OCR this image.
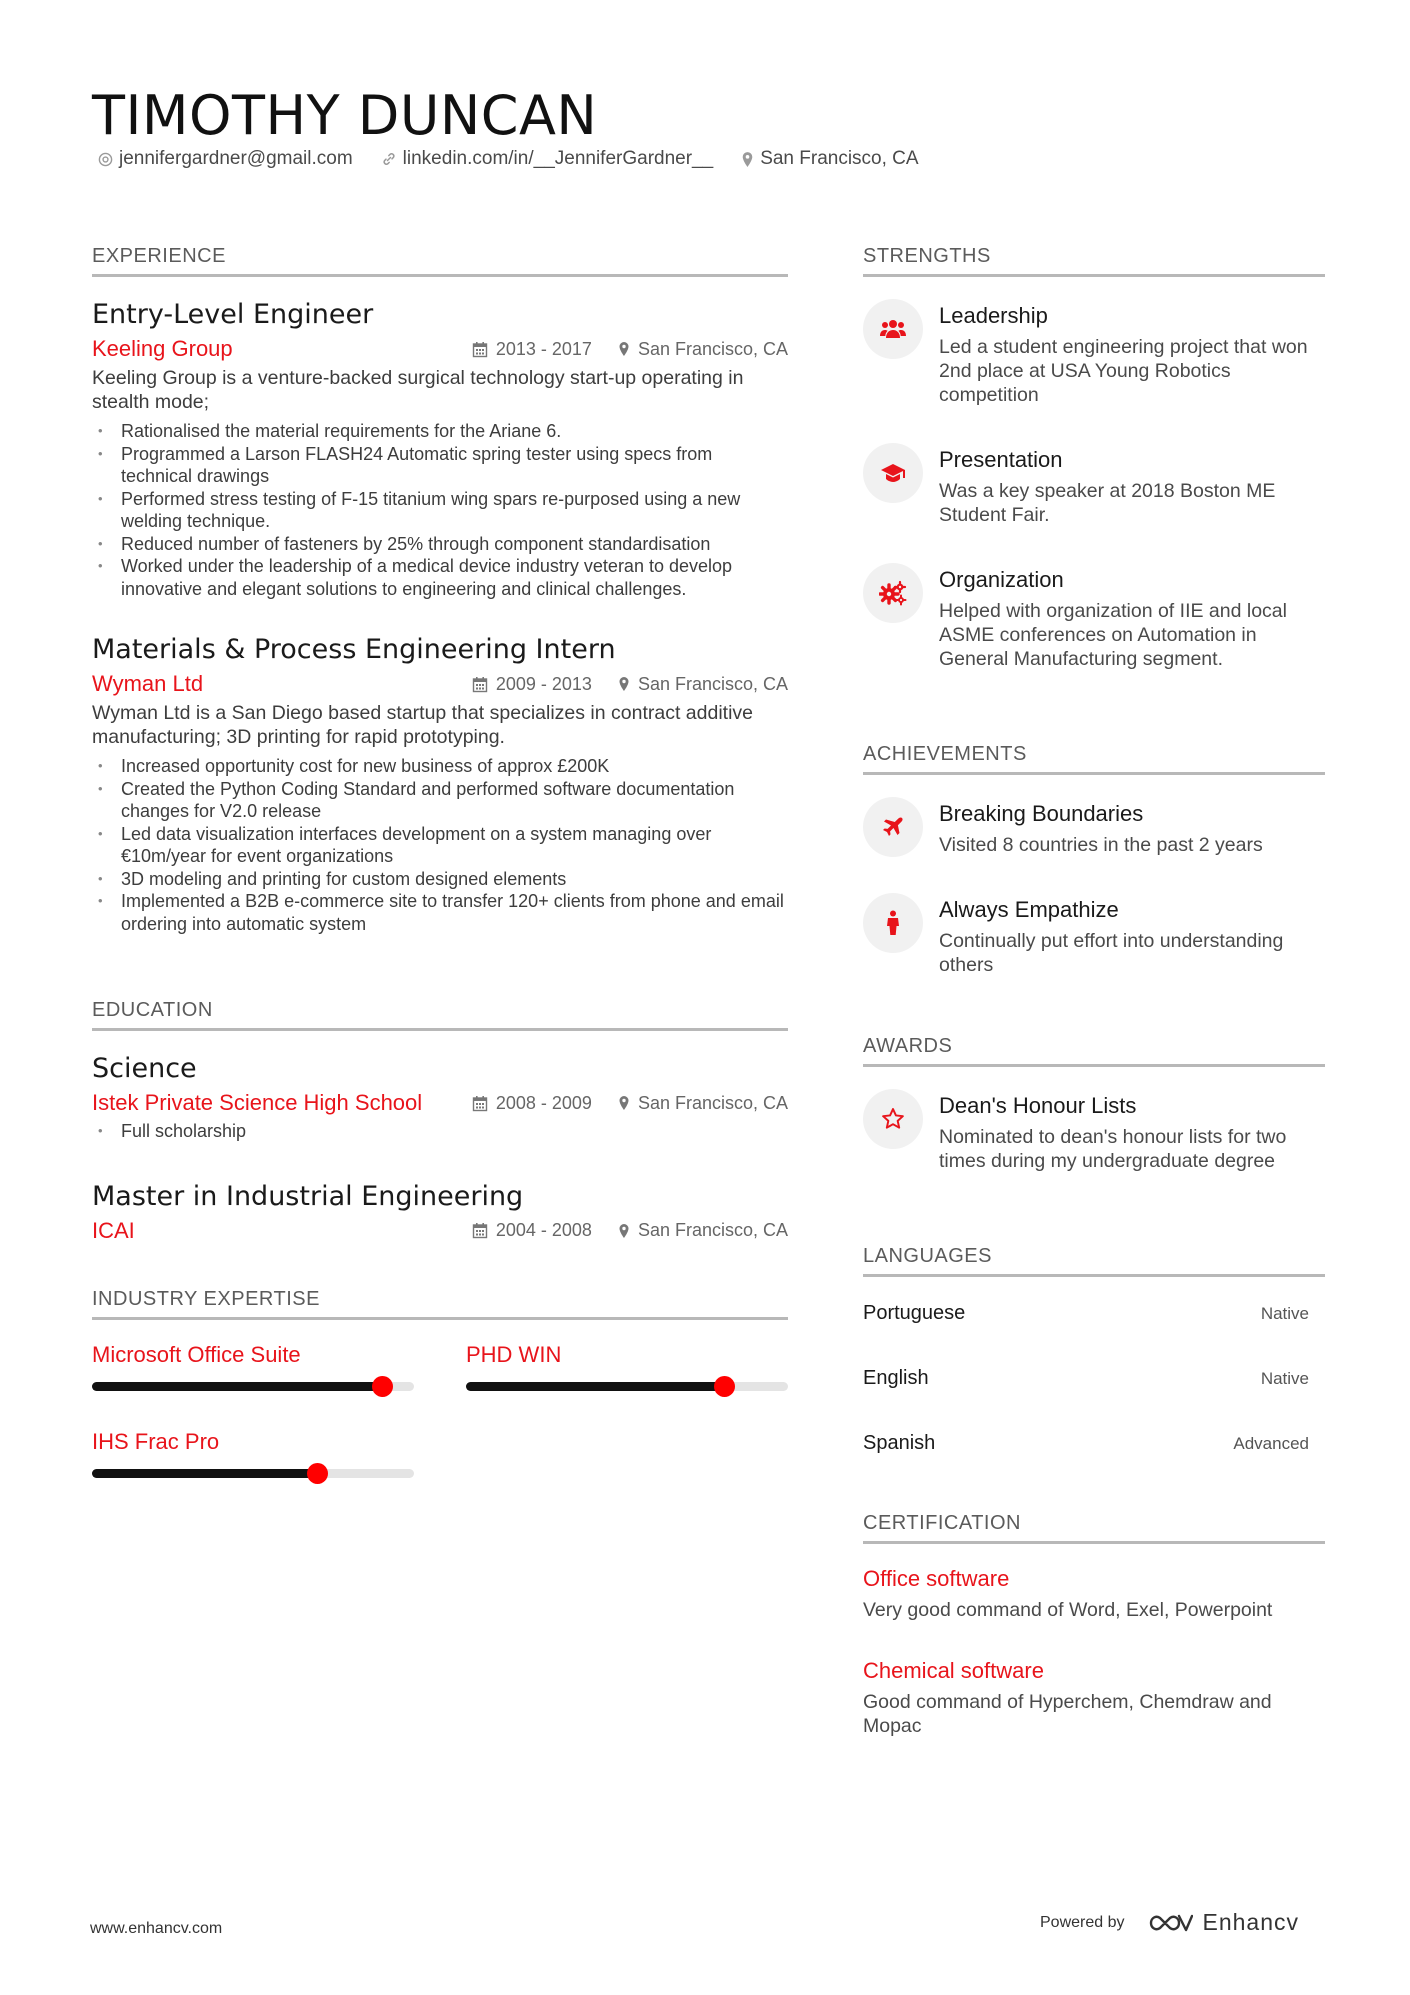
TIMOTHY DUNCAN
jennifergardner@gmail.com	linkedin.com/in/__JenniferGardner__ San Francisco, CA
EXPERIENCE
Entry-Level Engineer
Keeling Group	2013 - 2017	San Francisco, CA
Keeling Group is a venture-backed surgical technology start-up operating in stealth mode;
• Rationalised the material requirements for the Ariane 6.
• Programmed a Larson FLASH24 Automatic spring tester using specs from technical drawings
• Performed stress testing of F-15 titanium wing spars re-purposed using a new welding technique.
• Reduced number of fasteners by 25% through component standardisation
• Worked under the leadership of a medical device industry veteran to develop innovative and elegant solutions to engineering and clinical challenges.
Materials & Process Engineering Intern
Wyman Ltd	2009 - 2013	San Francisco, CA
Wyman Ltd is a San Diego based startup that specializes in contract additive manufacturing; 3D printing for rapid prototyping.
• Increased opportunity cost for new business of approx £200K
• Created the Python Coding Standard and performed software documentation changes for V2.0 release
• Led data visualization interfaces development on a system managing over €10m/year for event organizations
• 3D modeling and printing for custom designed elements
• Implemented a B2B e-commerce site to transfer 120+ clients from phone and email ordering into automatic system
EDUCATION
Science
Istek Private Science High School	2008 - 2009	San Francisco, CA
• Full scholarship
Master in Industrial Engineering
ICAI	2004 - 2008	San Francisco, CA
INDUSTRY EXPERTISE
Microsoft Office Suite	PHD WIN
IHS Frac Pro
STRENGTHS
Leadership
Led a student engineering project that won 2nd place at USA Young Robotics competition
Presentation
Was a key speaker at 2018 Boston ME Student Fair.
Organization
Helped with organization of IIE and local ASME conferences on Automation in General Manufacturing segment.
ACHIEVEMENTS
Breaking Boundaries
Visited 8 countries in the past 2 years
Always Empathize
Continually put effort into understanding others
AWARDS
Dean's Honour Lists
Nominated to dean's honour lists for two times during my undergraduate degree
LANGUAGES
Portuguese	Native
English	Native
Spanish	Advanced
CERTIFICATION
Office software
Very good command of Word, Exel, Powerpoint
Chemical software
Good command of Hyperchem, Chemdraw and Mopac
www.enhancv.com	Powered by	Enhancv
